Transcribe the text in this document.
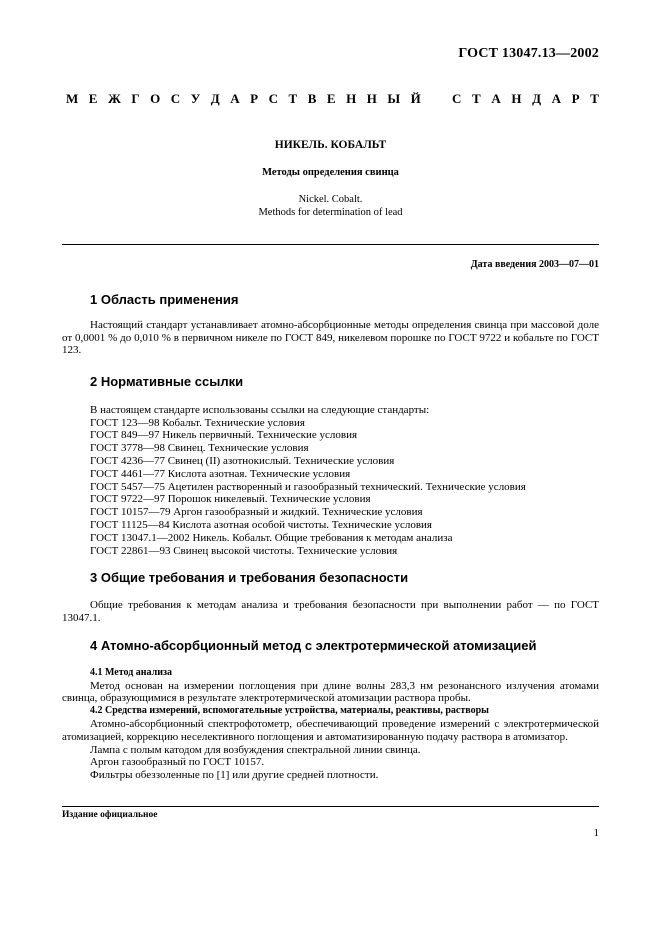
ГОСТ 13047.13—2002
М Е Ж Г О С У Д А Р С Т В Е Н Н Ы Й С Т А Н Д А Р Т
НИКЕЛЬ. КОБАЛЬТ
Методы определения свинца
Nickel. Cobalt.
Methods for determination of lead
Дата введения 2003—07—01
1 Область применения
Настоящий стандарт устанавливает атомно-абсорбционные методы определения свинца при массовой доле от 0,0001 % до 0,010 % в первичном никеле по ГОСТ 849, никелевом порошке по ГОСТ 9722 и кобальте по ГОСТ 123.
2 Нормативные ссылки
В настоящем стандарте использованы ссылки на следующие стандарты:
ГОСТ 123—98 Кобальт. Технические условия
ГОСТ 849—97 Никель первичный. Технические условия
ГОСТ 3778—98 Свинец. Технические условия
ГОСТ 4236—77 Свинец (II) азотнокислый. Технические условия
ГОСТ 4461—77 Кислота азотная. Технические условия
ГОСТ 5457—75 Ацетилен растворенный и газообразный технический. Технические условия
ГОСТ 9722—97 Порошок никелевый. Технические условия
ГОСТ 10157—79 Аргон газообразный и жидкий. Технические условия
ГОСТ 11125—84 Кислота азотная особой чистоты. Технические условия
ГОСТ 13047.1—2002 Никель. Кобальт. Общие требования к методам анализа
ГОСТ 22861—93 Свинец высокой чистоты. Технические условия
3 Общие требования и требования безопасности
Общие требования к методам анализа и требования безопасности при выполнении работ — по ГОСТ 13047.1.
4 Атомно-абсорбционный метод с электротермической атомизацией
4.1 Метод анализа
Метод основан на измерении поглощения при длине волны 283,3 нм резонансного излучения атомами свинца, образующимися в результате электротермической атомизации раствора пробы.
4.2 Средства измерений, вспомогательные устройства, материалы, реактивы, растворы
Атомно-абсорбционный спектрофотометр, обеспечивающий проведение измерений с электротермической атомизацией, коррекцию неселективного поглощения и автоматизированную подачу раствора в атомизатор.
Лампа с полым катодом для возбуждения спектральной линии свинца.
Аргон газообразный по ГОСТ 10157.
Фильтры обеззоленные по [1] или другие средней плотности.
Издание официальное
1
